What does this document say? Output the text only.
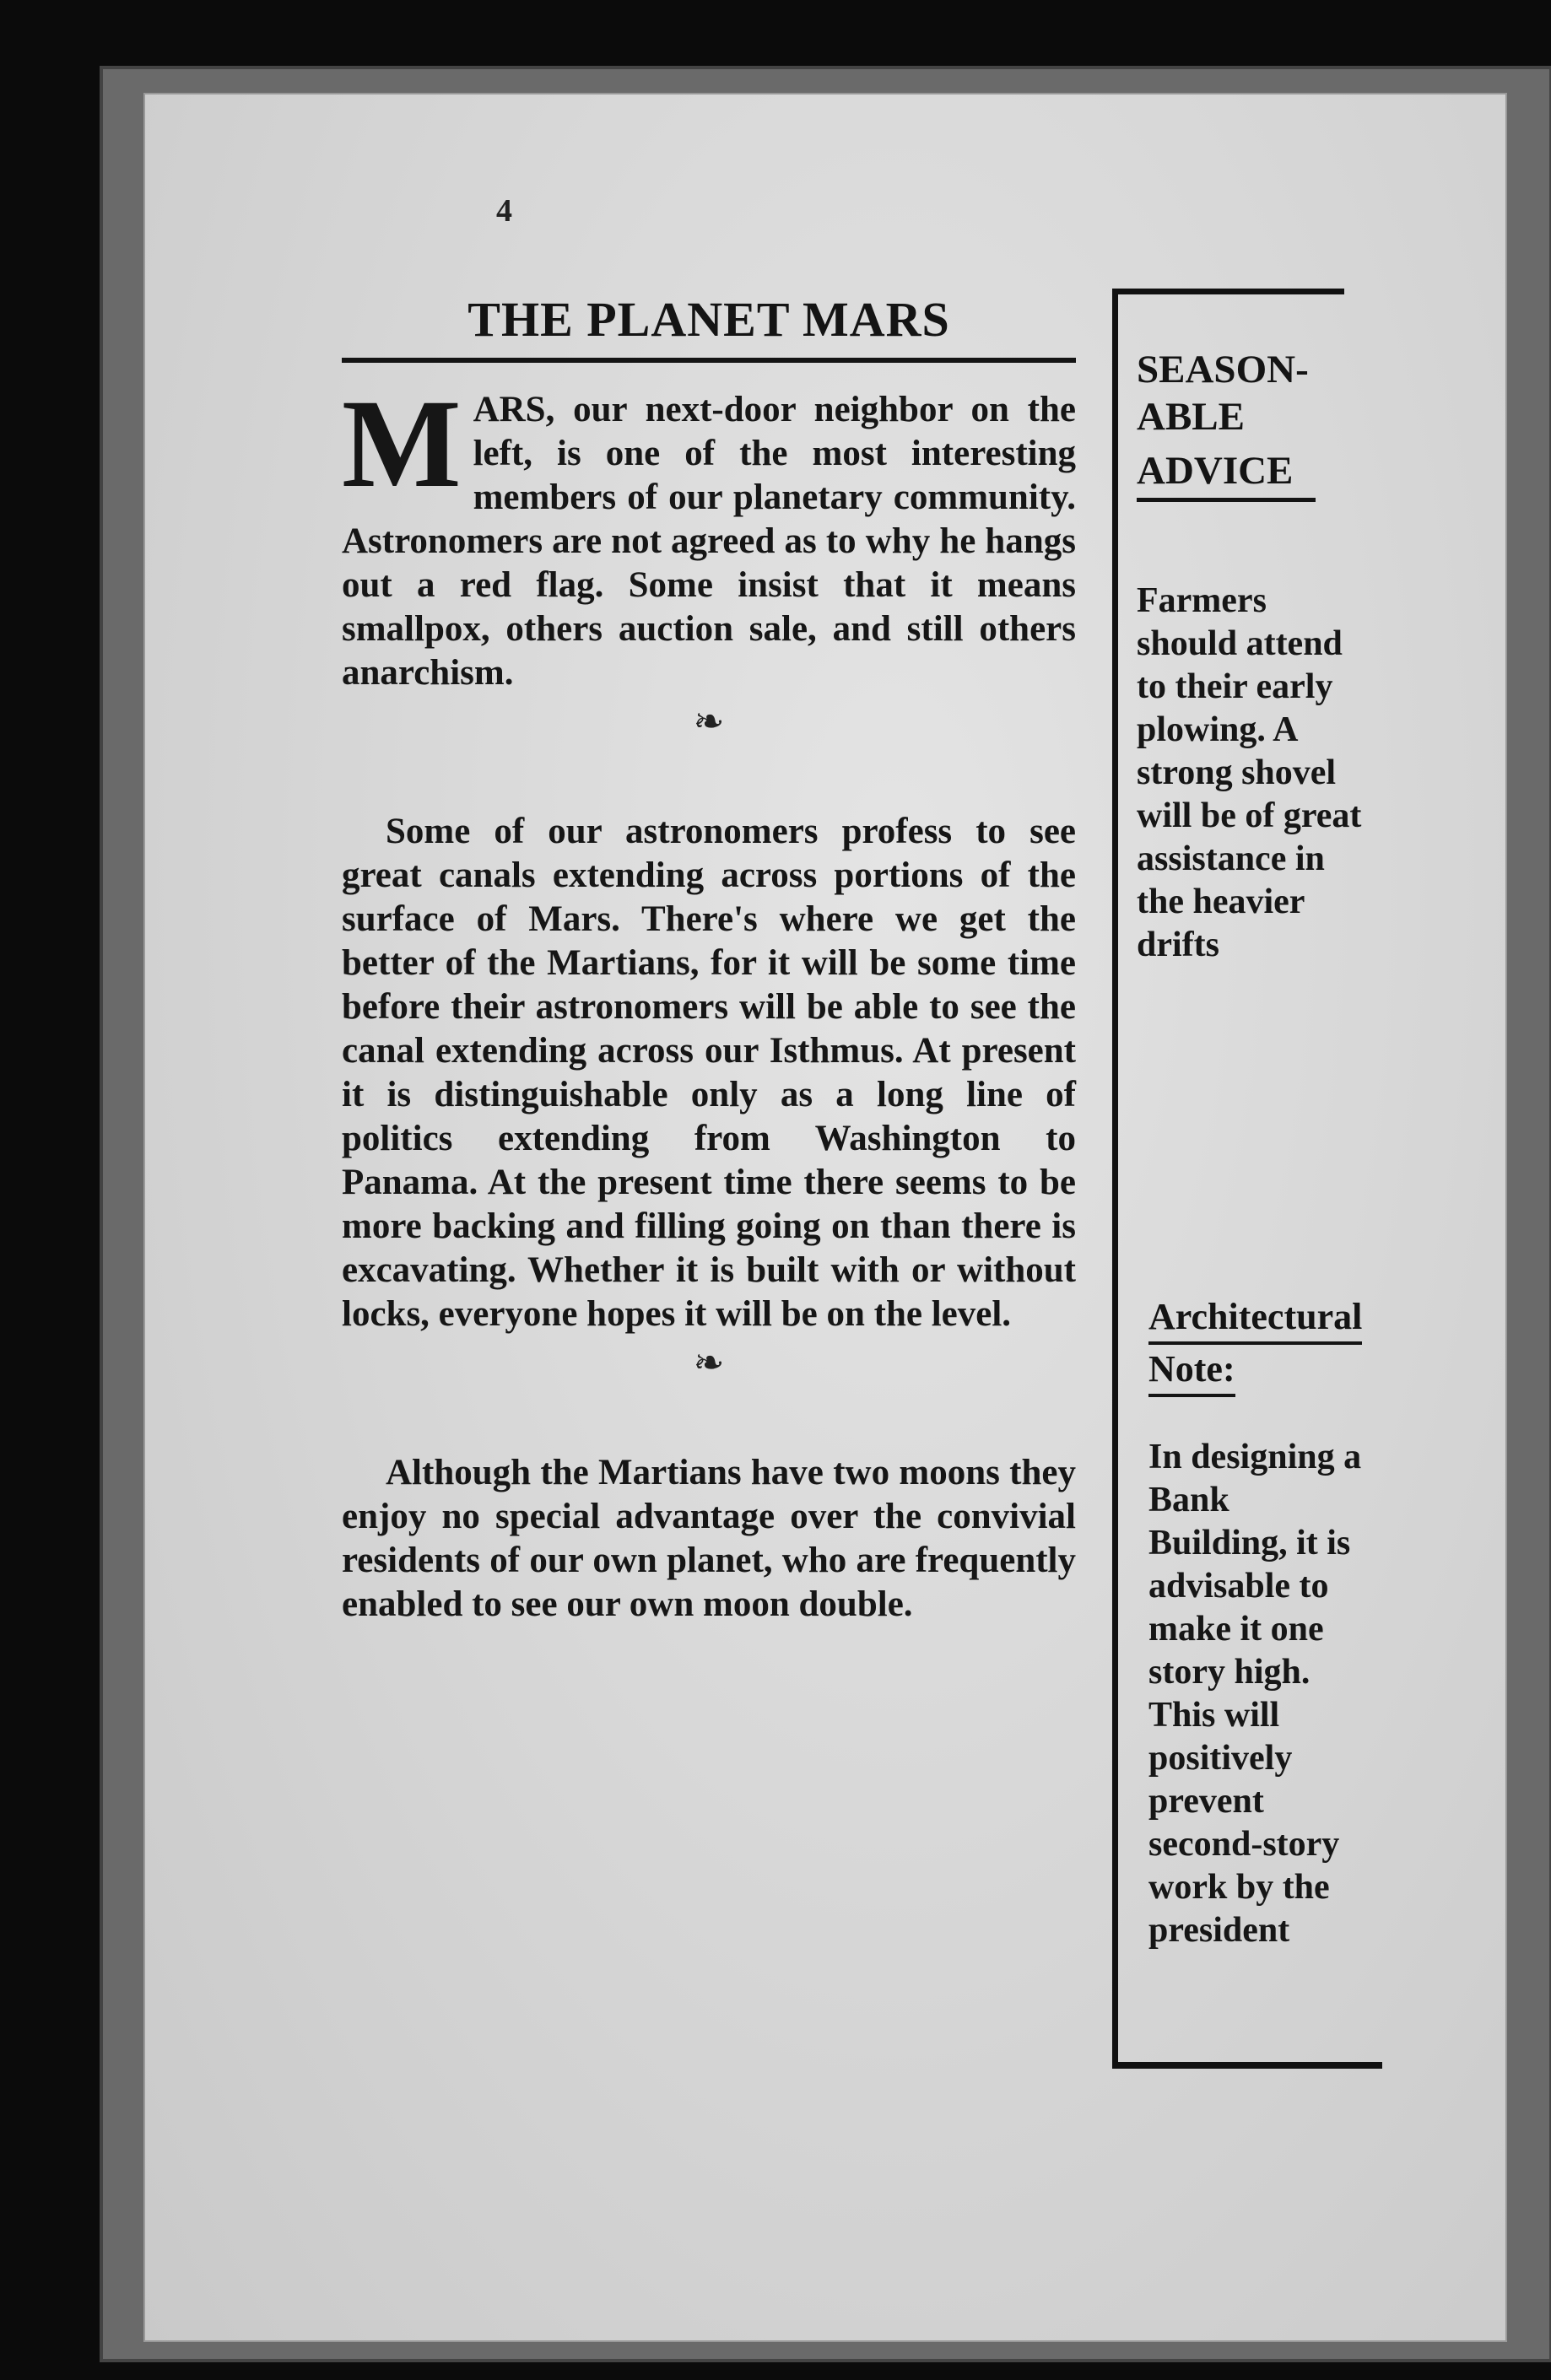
4

THE PLANET MARS

M ARS, our next-door neighbor on the left, is one of the most interesting members of our planetary community. Astronomers are not agreed as to why he hangs out a red flag. Some insist that it means smallpox, others auction sale, and still others anarchism.

❧

Some of our astronomers profess to see great canals extending across portions of the surface of Mars. There's where we get the better of the Martians, for it will be some time before their astronomers will be able to see the canal extending across our Isthmus. At present it is distinguishable only as a long line of politics extending from Washington to Panama. At the present time there seems to be more backing and filling going on than there is excavating. Whether it is built with or without locks, everyone hopes it will be on the level.

❧

Although the Martians have two moons they enjoy no special advantage over the convivial residents of our own planet, who are frequently enabled to see our own moon double.

SEASON-
ABLE
ADVICE

Farmers should attend to their early plowing. A strong shovel will be of great assistance in the heavier drifts

Architectural
Note:

In designing a Bank Building, it is advisable to make it one story high. This will positively prevent second-story work by the president
